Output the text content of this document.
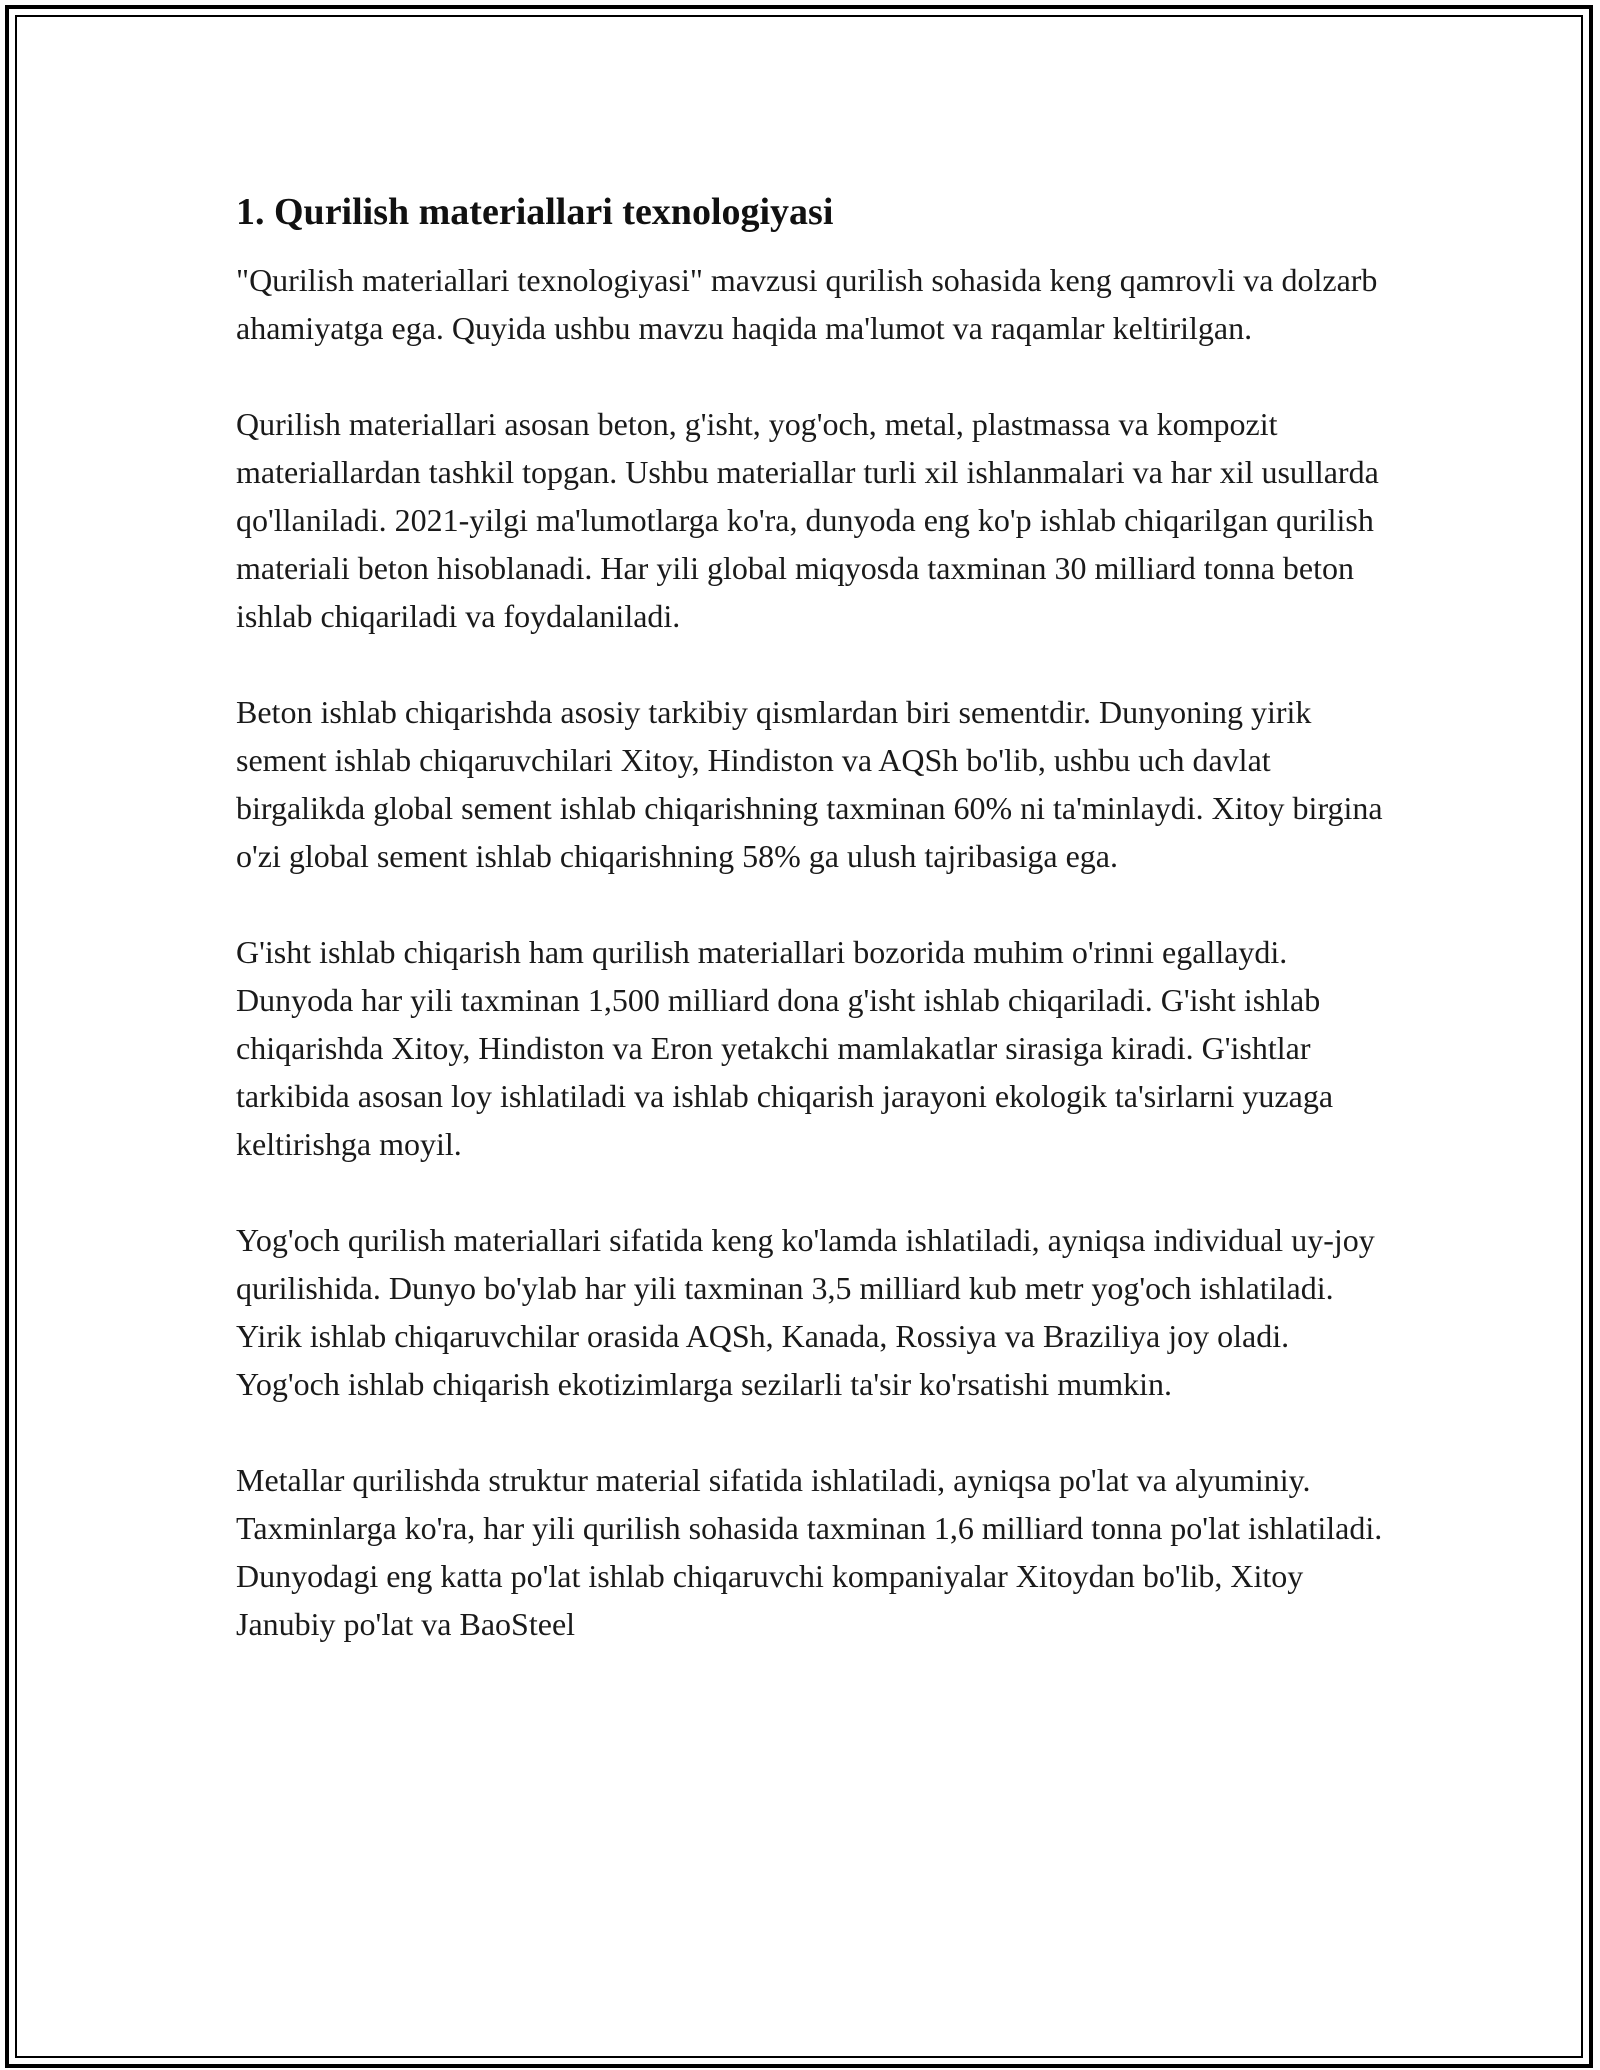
1. Qurilish materiallari texnologiyasi

"Qurilish materiallari texnologiyasi" mavzusi qurilish sohasida keng qamrovli va dolzarb ahamiyatga ega. Quyida ushbu mavzu haqida ma'lumot va raqamlar keltirilgan.

Qurilish materiallari asosan beton, g'isht, yog'och, metal, plastmassa va kompozit materiallardan tashkil topgan. Ushbu materiallar turli xil ishlanmalari va har xil usullarda qo'llaniladi. 2021-yilgi ma'lumotlarga ko'ra, dunyoda eng ko'p ishlab chiqarilgan qurilish materiali beton hisoblanadi. Har yili global miqyosda taxminan 30 milliard tonna beton ishlab chiqariladi va foydalaniladi.

Beton ishlab chiqarishda asosiy tarkibiy qismlardan biri sementdir. Dunyoning yirik sement ishlab chiqaruvchilari Xitoy, Hindiston va AQSh bo'lib, ushbu uch davlat birgalikda global sement ishlab chiqarishning taxminan 60% ni ta'minlaydi. Xitoy birgina o'zi global sement ishlab chiqarishning 58% ga ulush tajribasiga ega.

G'isht ishlab chiqarish ham qurilish materiallari bozorida muhim o'rinni egallaydi. Dunyoda har yili taxminan 1,500 milliard dona g'isht ishlab chiqariladi. G'isht ishlab chiqarishda Xitoy, Hindiston va Eron yetakchi mamlakatlar sirasiga kiradi. G'ishtlar tarkibida asosan loy ishlatiladi va ishlab chiqarish jarayoni ekologik ta'sirlarni yuzaga keltirishga moyil.

Yog'och qurilish materiallari sifatida keng ko'lamda ishlatiladi, ayniqsa individual uy-joy qurilishida. Dunyo bo'ylab har yili taxminan 3,5 milliard kub metr yog'och ishlatiladi. Yirik ishlab chiqaruvchilar orasida AQSh, Kanada, Rossiya va Braziliya joy oladi. Yog'och ishlab chiqarish ekotizimlarga sezilarli ta'sir ko'rsatishi mumkin.

Metallar qurilishda struktur material sifatida ishlatiladi, ayniqsa po'lat va alyuminiy. Taxminlarga ko'ra, har yili qurilish sohasida taxminan 1,6 milliard tonna po'lat ishlatiladi. Dunyodagi eng katta po'lat ishlab chiqaruvchi kompaniyalar Xitoydan bo'lib, Xitoy Janubiy po'lat va BaoSteel
